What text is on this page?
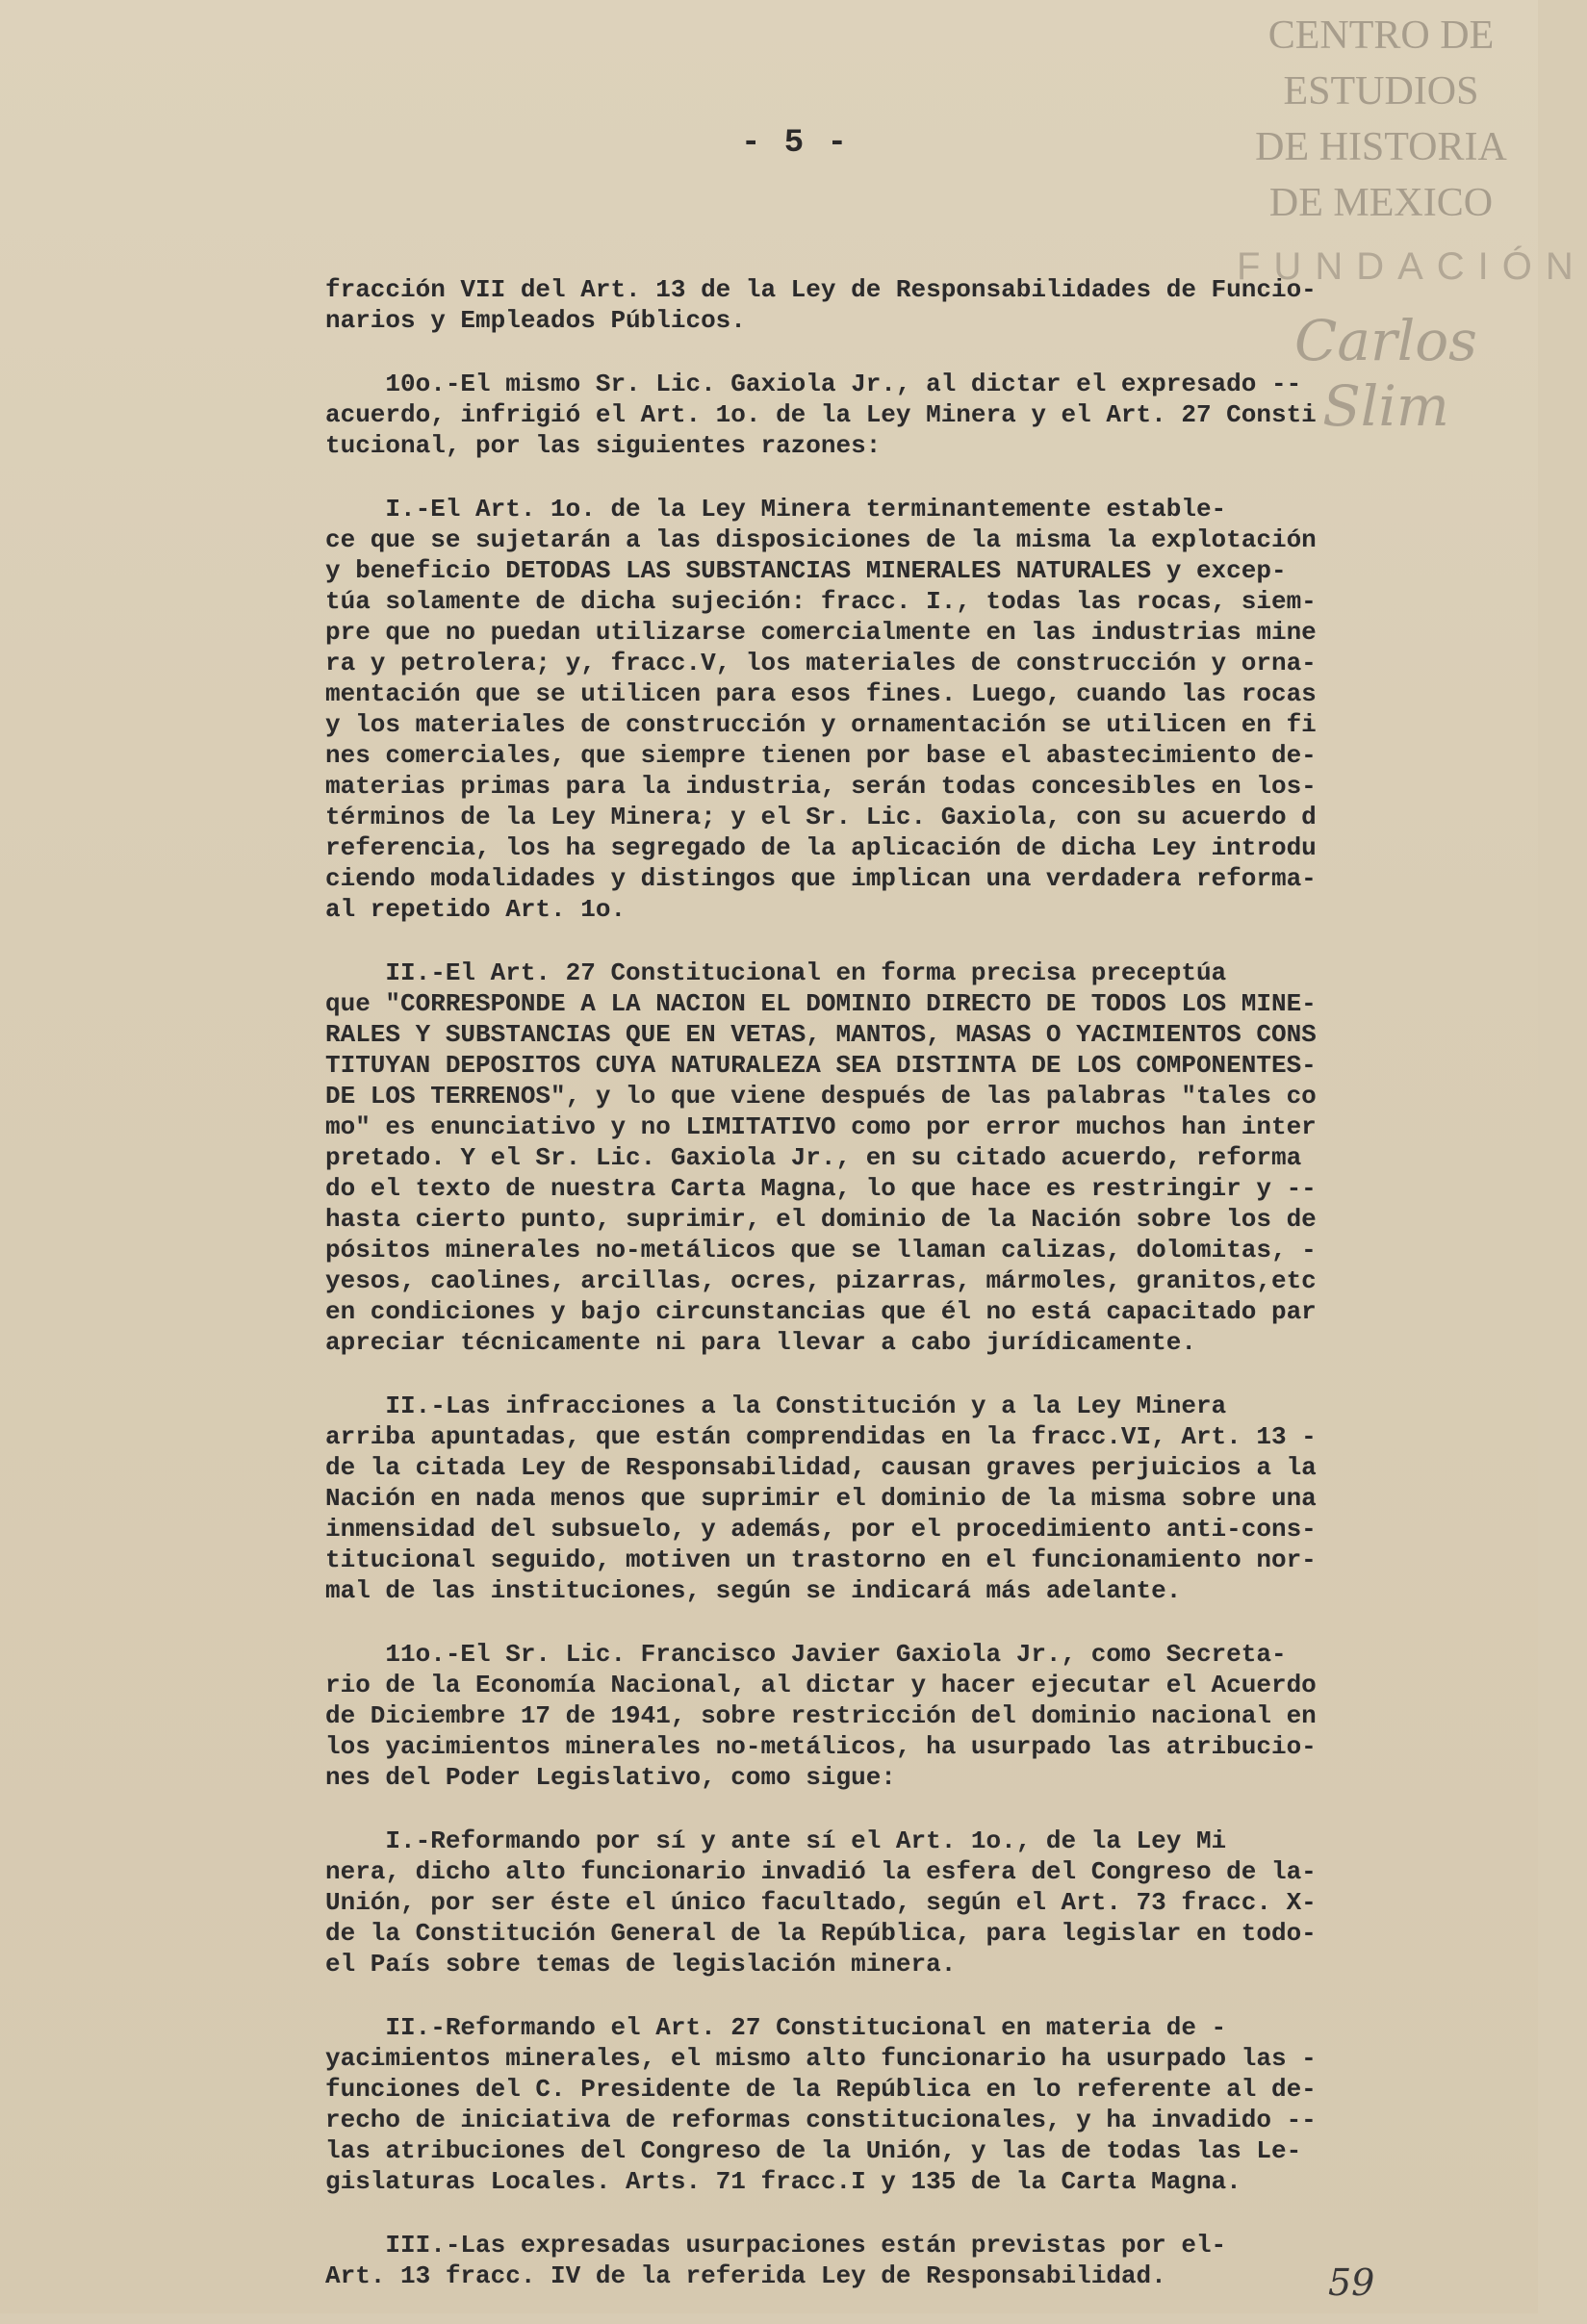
CENTRO DE
ESTUDIOS
DE HISTORIA
DE MEXICO
FUNDACIÓN
Carlos Slim
- 5 -
fracción VII del Art. 13 de la Ley de Responsabilidades de Funcio-
narios y Empleados Públicos.
10o.-El mismo Sr. Lic. Gaxiola Jr., al dictar el expresado --
acuerdo, infrigió el Art. 1o. de la Ley Minera y el Art. 27 Consti
tucional, por las siguientes razones:
I.-El Art. 1o. de la Ley Minera terminantemente estable-
ce que se sujetarán a las disposiciones de la misma la explotación
y beneficio DETODAS LAS SUBSTANCIAS MINERALES NATURALES y excep-
túa solamente de dicha sujeción: fracc. I., todas las rocas, siem-
pre que no puedan utilizarse comercialmente en las industrias mine
ra y petrolera; y, fracc.V, los materiales de construcción y orna-
mentación que se utilicen para esos fines. Luego, cuando las rocas
y los materiales de construcción y ornamentación se utilicen en fi
nes comerciales, que siempre tienen por base el abastecimiento de-
materias primas para la industria, serán todas concesibles en los-
términos de la Ley Minera; y el Sr. Lic. Gaxiola, con su acuerdo d
referencia, los ha segregado de la aplicación de dicha Ley introdu
ciendo modalidades y distingos que implican una verdadera reforma-
al repetido Art. 1o.
II.-El Art. 27 Constitucional en forma precisa preceptúa
que "CORRESPONDE A LA NACION EL DOMINIO DIRECTO DE TODOS LOS MINE-
RALES Y SUBSTANCIAS QUE EN VETAS, MANTOS, MASAS O YACIMIENTOS CONS
TITUYAN DEPOSITOS CUYA NATURALEZA SEA DISTINTA DE LOS COMPONENTES-
DE LOS TERRENOS", y lo que viene después de las palabras "tales co
mo" es enunciativo y no LIMITATIVO como por error muchos han inter
pretado. Y el Sr. Lic. Gaxiola Jr., en su citado acuerdo, reforma
do el texto de nuestra Carta Magna, lo que hace es restringir y --
hasta cierto punto, suprimir, el dominio de la Nación sobre los de
pósitos minerales no-metálicos que se llaman calizas, dolomitas, -
yesos, caolines, arcillas, ocres, pizarras, mármoles, granitos,etc
en condiciones y bajo circunstancias que él no está capacitado par
apreciar técnicamente ni para llevar a cabo jurídicamente.
II.-Las infracciones a la Constitución y a la Ley Minera
arriba apuntadas, que están comprendidas en la fracc.VI, Art. 13 -
de la citada Ley de Responsabilidad, causan graves perjuicios a la
Nación en nada menos que suprimir el dominio de la misma sobre una
inmensidad del subsuelo, y además, por el procedimiento anti-cons-
titucional seguido, motiven un trastorno en el funcionamiento nor-
mal de las instituciones, según se indicará más adelante.
11o.-El Sr. Lic. Francisco Javier Gaxiola Jr., como Secreta-
rio de la Economía Nacional, al dictar y hacer ejecutar el Acuerdo
de Diciembre 17 de 1941, sobre restricción del dominio nacional en
los yacimientos minerales no-metálicos, ha usurpado las atribucio-
nes del Poder Legislativo, como sigue:
I.-Reformando por sí y ante sí el Art. 1o., de la Ley Mi
nera, dicho alto funcionario invadió la esfera del Congreso de la-
Unión, por ser éste el único facultado, según el Art. 73 fracc. X-
de la Constitución General de la República, para legislar en todo-
el País sobre temas de legislación minera.
II.-Reformando el Art. 27 Constitucional en materia de -
yacimientos minerales, el mismo alto funcionario ha usurpado las -
funciones del C. Presidente de la República en lo referente al de-
recho de iniciativa de reformas constitucionales, y ha invadido --
las atribuciones del Congreso de la Unión, y las de todas las Le-
gislaturas Locales. Arts. 71 fracc.I y 135 de la Carta Magna.
III.-Las expresadas usurpaciones están previstas por el-
Art. 13 fracc. IV de la referida Ley de Responsabilidad.	59
